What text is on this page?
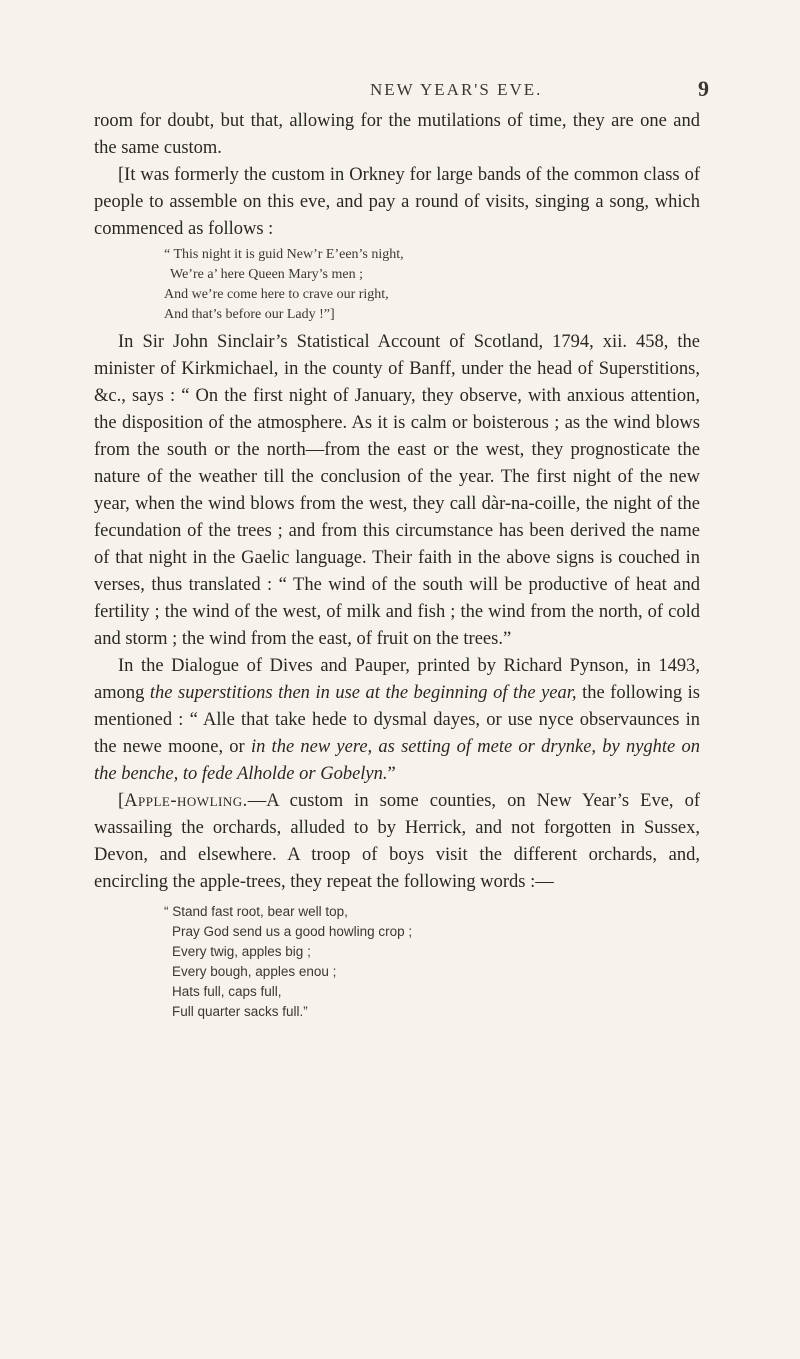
NEW YEAR'S EVE.	9

room for doubt, but that, allowing for the mutilations of time, they are one and the same custom.

[It was formerly the custom in Orkney for large bands of the common class of people to assemble on this eve, and pay a round of visits, singing a song, which commenced as follows :

“ This night it is guid New’r E’een’s night,
We’re a’ here Queen Mary’s men ;
And we’re come here to crave our right,
And that’s before our Lady !”]

In Sir John Sinclair’s Statistical Account of Scotland, 1794, xii. 458, the minister of Kirkmichael, in the county of Banff, under the head of Superstitions, &c., says : “ On the first night of January, they observe, with anxious attention, the disposition of the atmosphere. As it is calm or boisterous ; as the wind blows from the south or the north—from the east or the west, they prognosticate the nature of the weather till the conclusion of the year. The first night of the new year, when the wind blows from the west, they call dàr-na-coille, the night of the fecundation of the trees ; and from this circumstance has been derived the name of that night in the Gaelic language. Their faith in the above signs is couched in verses, thus translated : “ The wind of the south will be productive of heat and fertility ; the wind of the west, of milk and fish ; the wind from the north, of cold and storm ; the wind from the east, of fruit on the trees.”

In the Dialogue of Dives and Pauper, printed by Richard Pynson, in 1493, among the superstitions then in use at the beginning of the year, the following is mentioned : “ Alle that take hede to dysmal dayes, or use nyce observaunces in the newe moone, or in the new yere, as setting of mete or drynke, by nyghte on the benche, to fede Alholde or Gobelyn.”

[Apple-howling.—A custom in some counties, on New Year’s Eve, of wassailing the orchards, alluded to by Herrick, and not forgotten in Sussex, Devon, and elsewhere. A troop of boys visit the different orchards, and, encircling the apple-trees, they repeat the following words :—

“ Stand fast root, bear well top,
Pray God send us a good howling crop ;
Every twig, apples big ;
Every bough, apples enou ;
Hats full, caps full,
Full quarter sacks full.”
